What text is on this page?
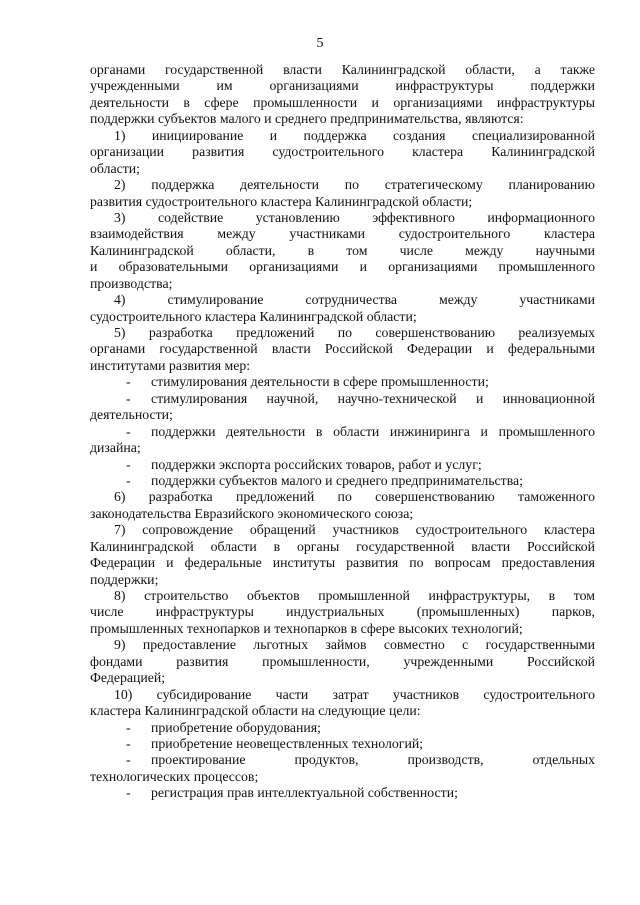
5
органами государственной власти Калининградской области, а также
учрежденными им организациями инфраструктуры поддержки
деятельности в сфере промышленности и организациями инфраструктуры
поддержки субъектов малого и среднего предпринимательства, являются:
1) инициирование и поддержка создания специализированной
организации развития судостроительного кластера Калининградской
области;
2) поддержка деятельности по стратегическому планированию
развития судостроительного кластера Калининградской области;
3) содействие установлению эффективного информационного
взаимодействия между участниками судостроительного кластера
Калининградской области, в том числе между научными
и образовательными организациями и организациями промышленного
производства;
4) стимулирование сотрудничества между участниками
судостроительного кластера Калининградской области;
5) разработка предложений по совершенствованию реализуемых
органами государственной власти Российской Федерации и федеральными
институтами развития мер:
-	стимулирования деятельности в сфере промышленности;
-	стимулирования научной, научно-технической и инновационной
деятельности;
-	поддержки деятельности в области инжиниринга и промышленного
дизайна;
-	поддержки экспорта российских товаров, работ и услуг;
-	поддержки субъектов малого и среднего предпринимательства;
6) разработка предложений по совершенствованию таможенного
законодательства Евразийского экономического союза;
7) сопровождение обращений участников судостроительного кластера
Калининградской области в органы государственной власти Российской
Федерации и федеральные институты развития по вопросам предоставления
поддержки;
8) строительство объектов промышленной инфраструктуры, в том
числе инфраструктуры индустриальных (промышленных) парков,
промышленных технопарков и технопарков в сфере высоких технологий;
9) предоставление льготных займов совместно с государственными
фондами развития промышленности, учрежденными Российской
Федерацией;
10) субсидирование части затрат участников судостроительного
кластера Калининградской области на следующие цели:
-	приобретение оборудования;
-	приобретение неовеществленных технологий;
-	проектирование продуктов, производств, отдельных
технологических процессов;
-	регистрация прав интеллектуальной собственности;
